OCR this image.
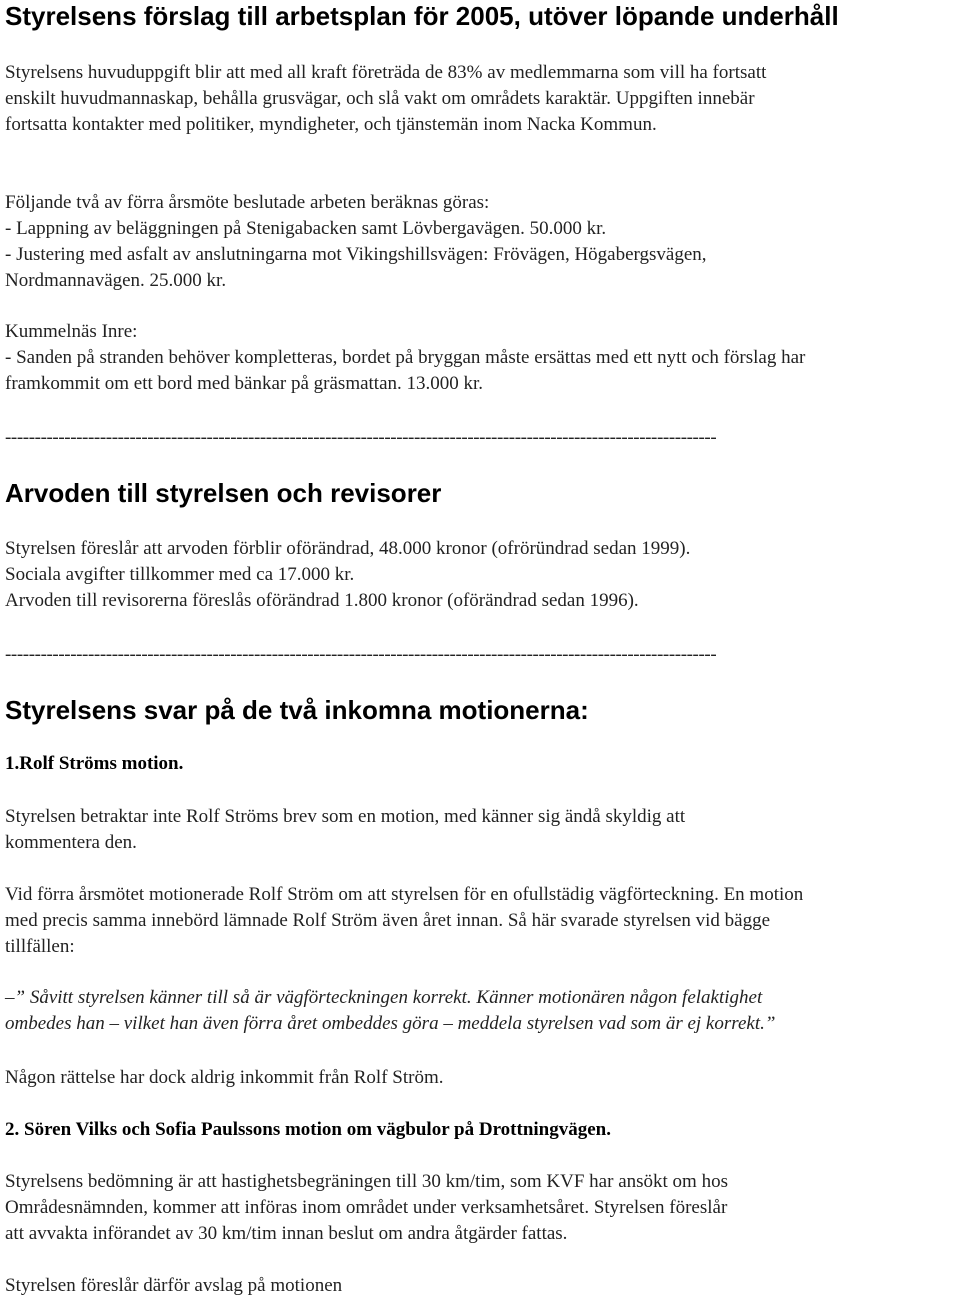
Styrelsens förslag till arbetsplan för 2005, utöver löpande underhåll

Styrelsens huvuduppgift blir att med all kraft företräda de 83% av medlemmarna som vill ha fortsatt

enskilt huvudmannaskap, behålla grusvägar, och slå vakt om områdets karaktär. Uppgiften innebär

fortsatta kontakter med politiker, myndigheter, och tjänstemän inom Nacka Kommun.

Följande två av förra årsmöte beslutade arbeten beräknas göras:

- Lappning av beläggningen på Stenigabacken samt Lövbergavägen. 50.000 kr.

- Justering med asfalt av anslutningarna mot Vikingshillsvägen: Frövägen, Högabergsvägen,

Nordmannavägen. 25.000 kr.

Kummelnäs Inre:

- Sanden på stranden behöver kompletteras, bordet på bryggan måste ersättas med ett nytt och förslag har

framkommit om ett bord med bänkar på gräsmattan. 13.000 kr.

------------------------------------------------------------------------------------------------------------------------
Arvoden till styrelsen och revisorer

Styrelsen föreslår att arvoden förblir oförändrad, 48.000 kronor (ofröründrad sedan 1999).

Sociala avgifter tillkommer med ca 17.000 kr.

Arvoden till revisorerna föreslås oförändrad 1.800 kronor (oförändrad sedan 1996).

------------------------------------------------------------------------------------------------------------------------
Styrelsens svar på de två inkomna motionerna:

1.Rolf Ströms motion.

Styrelsen betraktar inte Rolf Ströms brev som en motion, med känner sig ändå skyldig att

kommentera den.

Vid förra årsmötet motionerade Rolf Ström om att styrelsen för en ofullstädig vägförteckning. En motion

med precis samma innebörd lämnade Rolf Ström även året innan. Så här svarade styrelsen vid bägge

tillfällen:

–” Såvitt styrelsen känner till så är vägförteckningen korrekt. Känner motionären någon felaktighet

ombedes han – vilket han även förra året ombeddes göra – meddela styrelsen vad som är ej korrekt.”

Någon rättelse har dock aldrig inkommit från Rolf Ström.

2. Sören Vilks och Sofia Paulssons motion om vägbulor på Drottningvägen.

Styrelsens bedömning är att hastighetsbegräningen till 30 km/tim, som KVF har ansökt om hos

Områdesnämnden, kommer att införas inom området under verksamhetsåret. Styrelsen föreslår

att avvakta införandet av 30 km/tim innan beslut om andra åtgärder fattas.

Styrelsen föreslår därför avslag på motionen
